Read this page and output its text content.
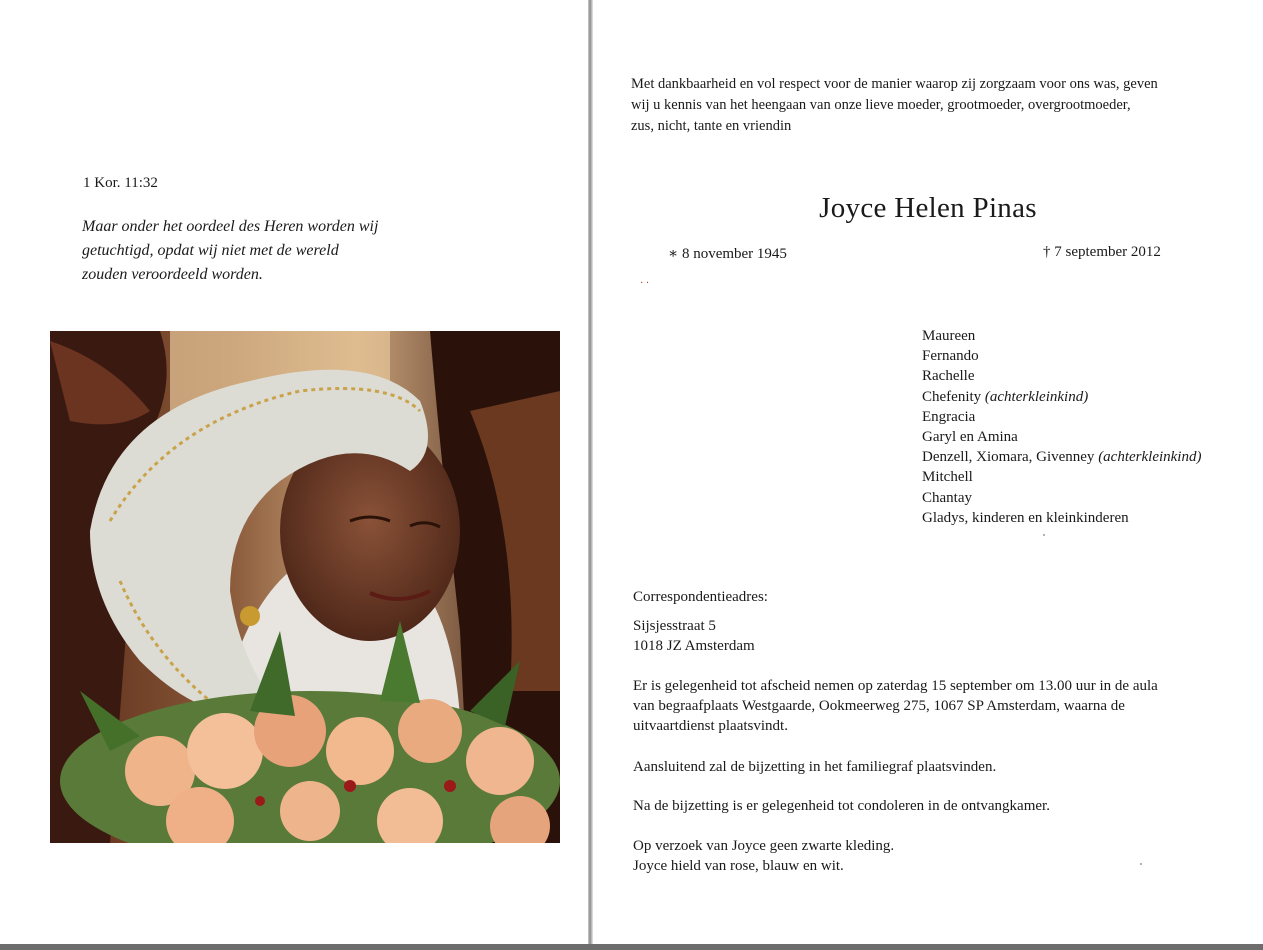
1 Kor. 11:32
Maar onder het oordeel des Heren worden wij
getuchtigd, opdat wij niet met de wereld
zouden veroordeeld worden.
Met dankbaarheid en vol respect voor de manier waarop zij zorgzaam voor ons was, geven
wij u kennis van het heengaan van onze lieve moeder, grootmoeder, overgrootmoeder,
zus, nicht, tante en vriendin
Joyce Helen Pinas
∗ 8 november 1945	† 7 september 2012
· ·
Maureen
Fernando
Rachelle
Chefenity (achterkleinkind)
Engracia
Garyl en Amina
Denzell, Xiomara, Givenney (achterkleinkind)
Mitchell
Chantay
Gladys, kinderen en kleinkinderen
Correspondentieadres:
Sijsjesstraat 5
1018 JZ Amsterdam
Er is gelegenheid tot afscheid nemen op zaterdag 15 september om 13.00 uur in de aula
van begraafplaats Westgaarde, Ookmeerweg 275, 1067 SP Amsterdam, waarna de
uitvaartdienst plaatsvindt.
Aansluitend zal de bijzetting in het familiegraf plaatsvinden.
Na de bijzetting is er gelegenheid tot condoleren in de ontvangkamer.
Op verzoek van Joyce geen zwarte kleding.
Joyce hield van rose, blauw en wit.
